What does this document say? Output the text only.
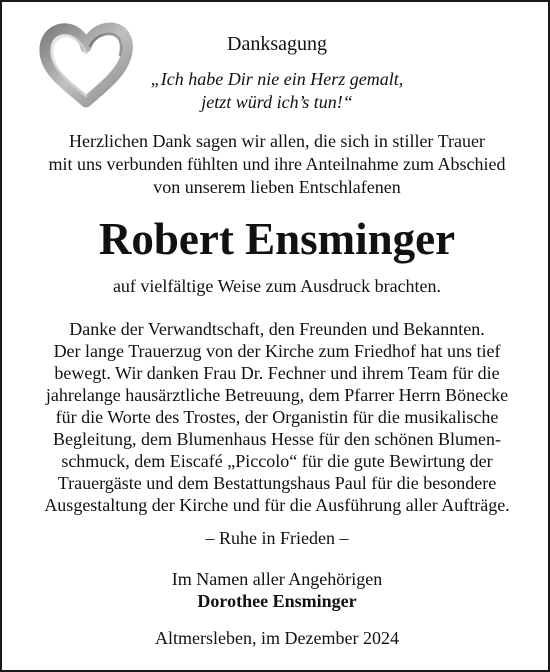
Danksagung
„Ich habe Dir nie ein Herz gemalt,
jetzt würd ich’s tun!“
Herzlichen Dank sagen wir allen, die sich in stiller Trauer
mit uns verbunden fühlten und ihre Anteilnahme zum Abschied
von unserem lieben Entschlafenen
Robert Ensminger
auf vielfältige Weise zum Ausdruck brachten.
Danke der Verwandtschaft, den Freunden und Bekannten.
Der lange Trauerzug von der Kirche zum Friedhof hat uns tief
bewegt. Wir danken Frau Dr. Fechner und ihrem Team für die
jahrelange hausärztliche Betreuung, dem Pfarrer Herrn Bönecke
für die Worte des Trostes, der Organistin für die musikalische
Begleitung, dem Blumenhaus Hesse für den schönen Blumen-
schmuck, dem Eiscafé „Piccolo“ für die gute Bewirtung der
Trauergäste und dem Bestattungshaus Paul für die besondere
Ausgestaltung der Kirche und für die Ausführung aller Aufträge.
– Ruhe in Frieden –
Im Namen aller Angehörigen
Dorothee Ensminger
Altmersleben, im Dezember 2024
